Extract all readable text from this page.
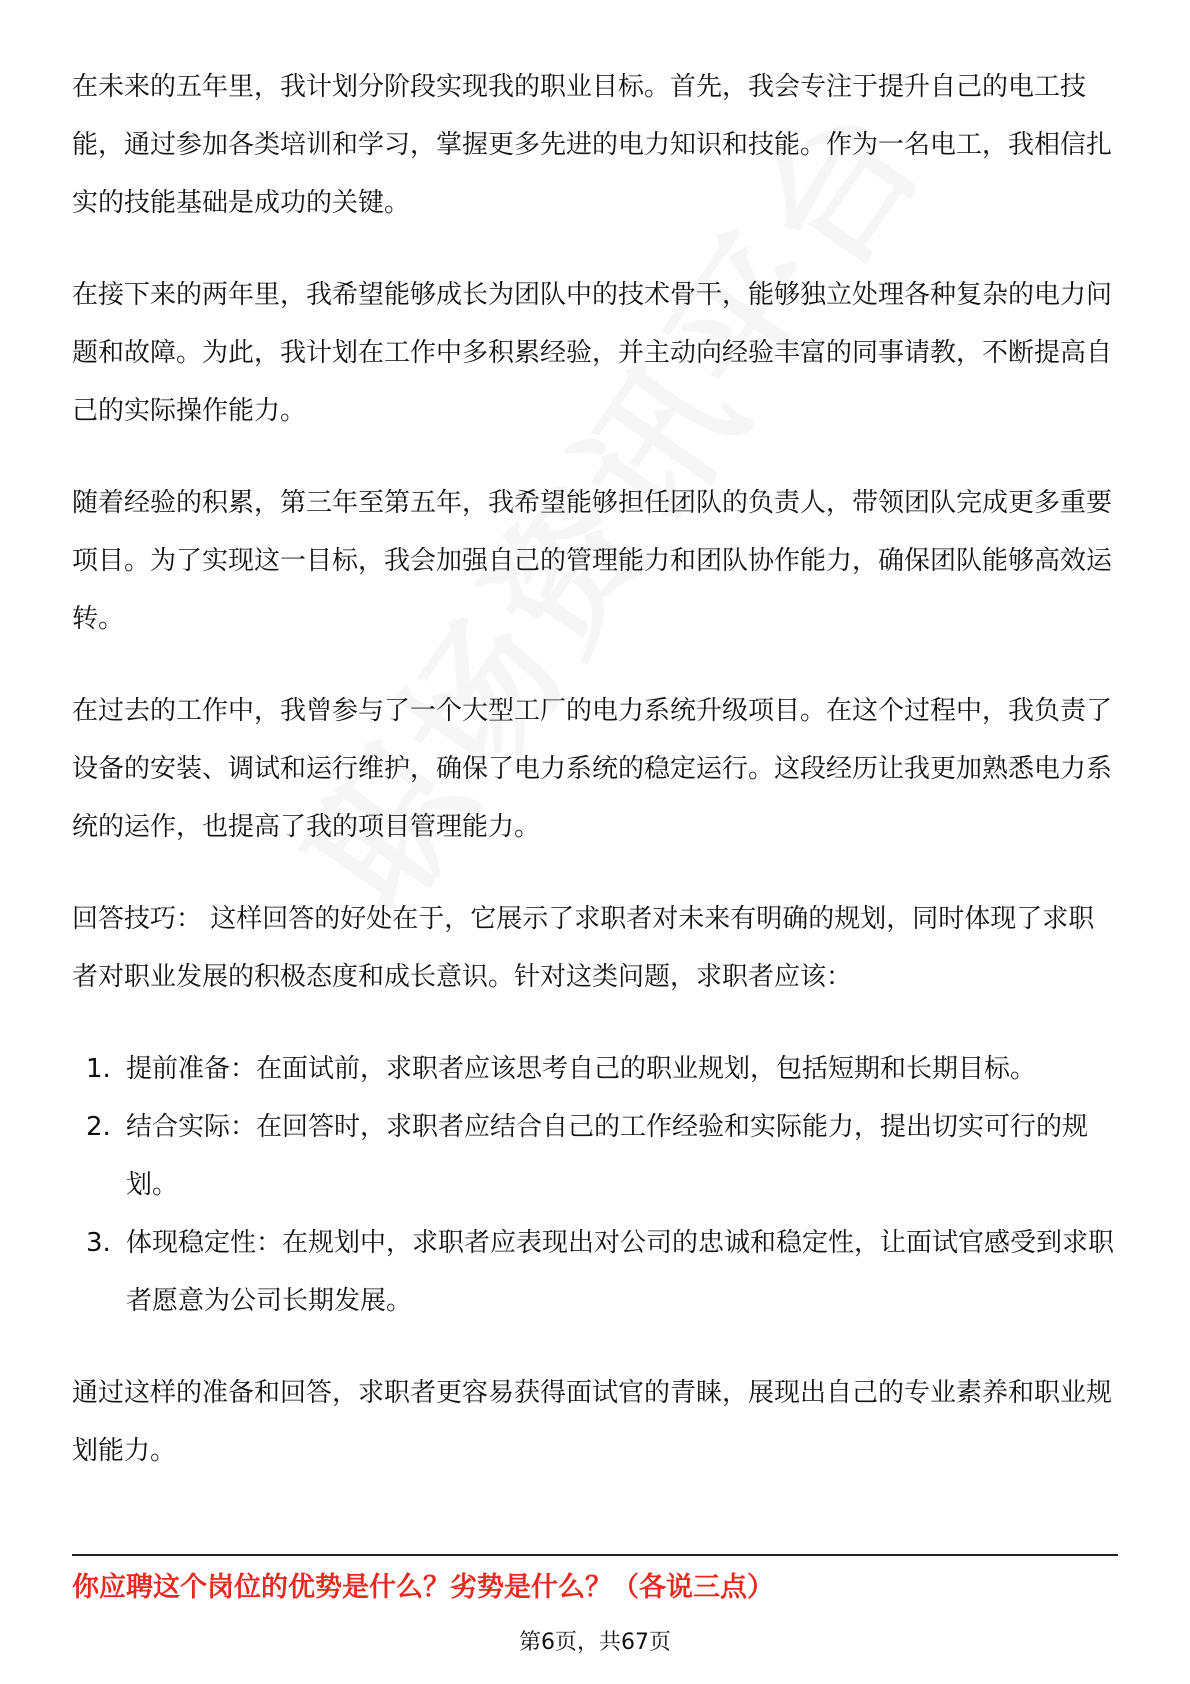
在未来的五年里，我计划分阶段实现我的职业目标。首先，我会专注于提升自己的电工技能，通过参加各类培训和学习，掌握更多先进的电力知识和技能。作为一名电工，我相信扎实的技能基础是成功的关键。

在接下来的两年里，我希望能够成长为团队中的技术骨干，能够独立处理各种复杂的电力问题和故障。为此，我计划在工作中多积累经验，并主动向经验丰富的同事请教，不断提高自己的实际操作能力。

随着经验的积累，第三年至第五年，我希望能够担任团队的负责人，带领团队完成更多重要项目。为了实现这一目标，我会加强自己的管理能力和团队协作能力，确保团队能够高效运转。

在过去的工作中，我曾参与了一个大型工厂的电力系统升级项目。在这个过程中，我负责了设备的安装、调试和运行维护，确保了电力系统的稳定运行。这段经历让我更加熟悉电力系统的运作，也提高了我的项目管理能力。

回答技巧： 这样回答的好处在于，它展示了求职者对未来有明确的规划，同时体现了求职者对职业发展的积极态度和成长意识。针对这类问题，求职者应该：

1. 提前准备：在面试前，求职者应该思考自己的职业规划，包括短期和长期目标。
2. 结合实际：在回答时，求职者应结合自己的工作经验和实际能力，提出切实可行的规划。
3. 体现稳定性：在规划中，求职者应表现出对公司的忠诚和稳定性，让面试官感受到求职者愿意为公司长期发展。

通过这样的准备和回答，求职者更容易获得面试官的青睐，展现出自己的专业素养和职业规划能力。

你应聘这个岗位的优势是什么？劣势是什么？（各说三点）
第6页，共67页
